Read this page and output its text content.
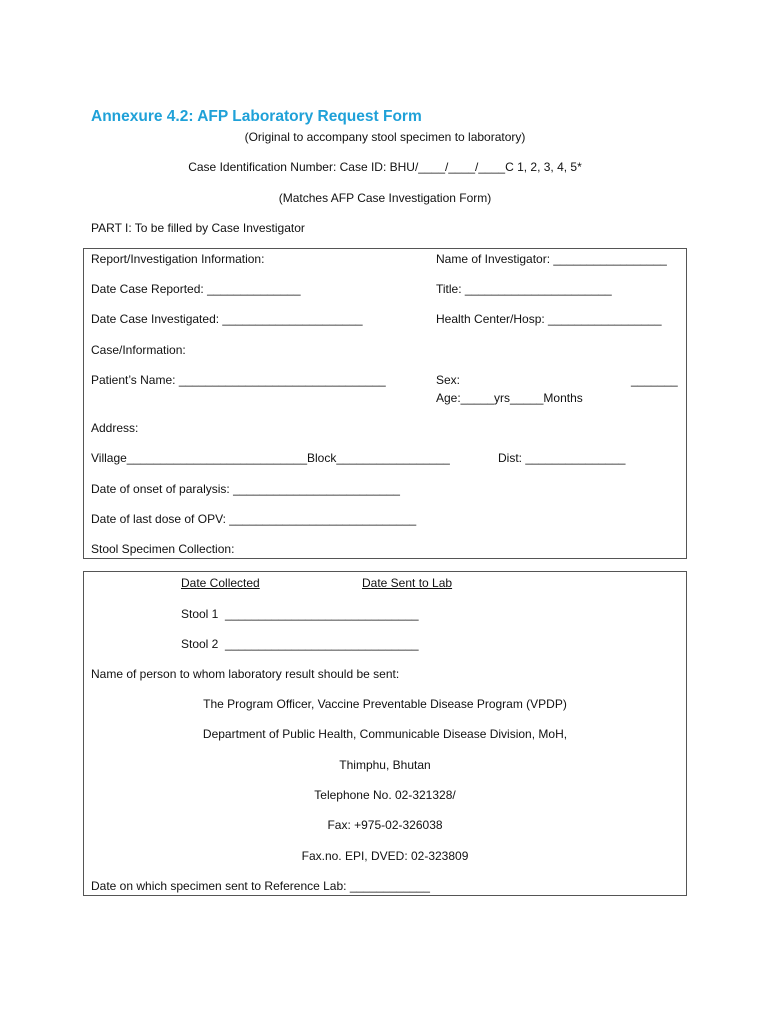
Annexure 4.2: AFP Laboratory Request Form
(Original to accompany stool specimen to laboratory)
Case Identification Number: Case ID: BHU/____/____/____C 1, 2, 3, 4, 5*
(Matches AFP Case Investigation Form)
PART I: To be filled by Case Investigator
Report/Investigation Information:	Name of Investigator: _________________
Date Case Reported: ______________	Title: ______________________
Date Case Investigated: _____________________	Health Center/Hosp: _________________
Case/Information:
Patient’s Name: _______________________________	Sex:	_______
Age:_____yrs_____Months
Address:
Village___________________________Block_________________	Dist: _______________
Date of onset of paralysis: _________________________
Date of last dose of OPV: ____________________________
Stool Specimen Collection:
Date Collected	Date Sent to Lab
Stool 1  _____________________________
Stool 2  _____________________________
Name of person to whom laboratory result should be sent:
The Program Officer, Vaccine Preventable Disease Program (VPDP)
Department of Public Health, Communicable Disease Division, MoH,
Thimphu, Bhutan
Telephone No. 02-321328/
Fax: +975-02-326038
Fax.no. EPI, DVED: 02-323809
Date on which specimen sent to Reference Lab: ____________
